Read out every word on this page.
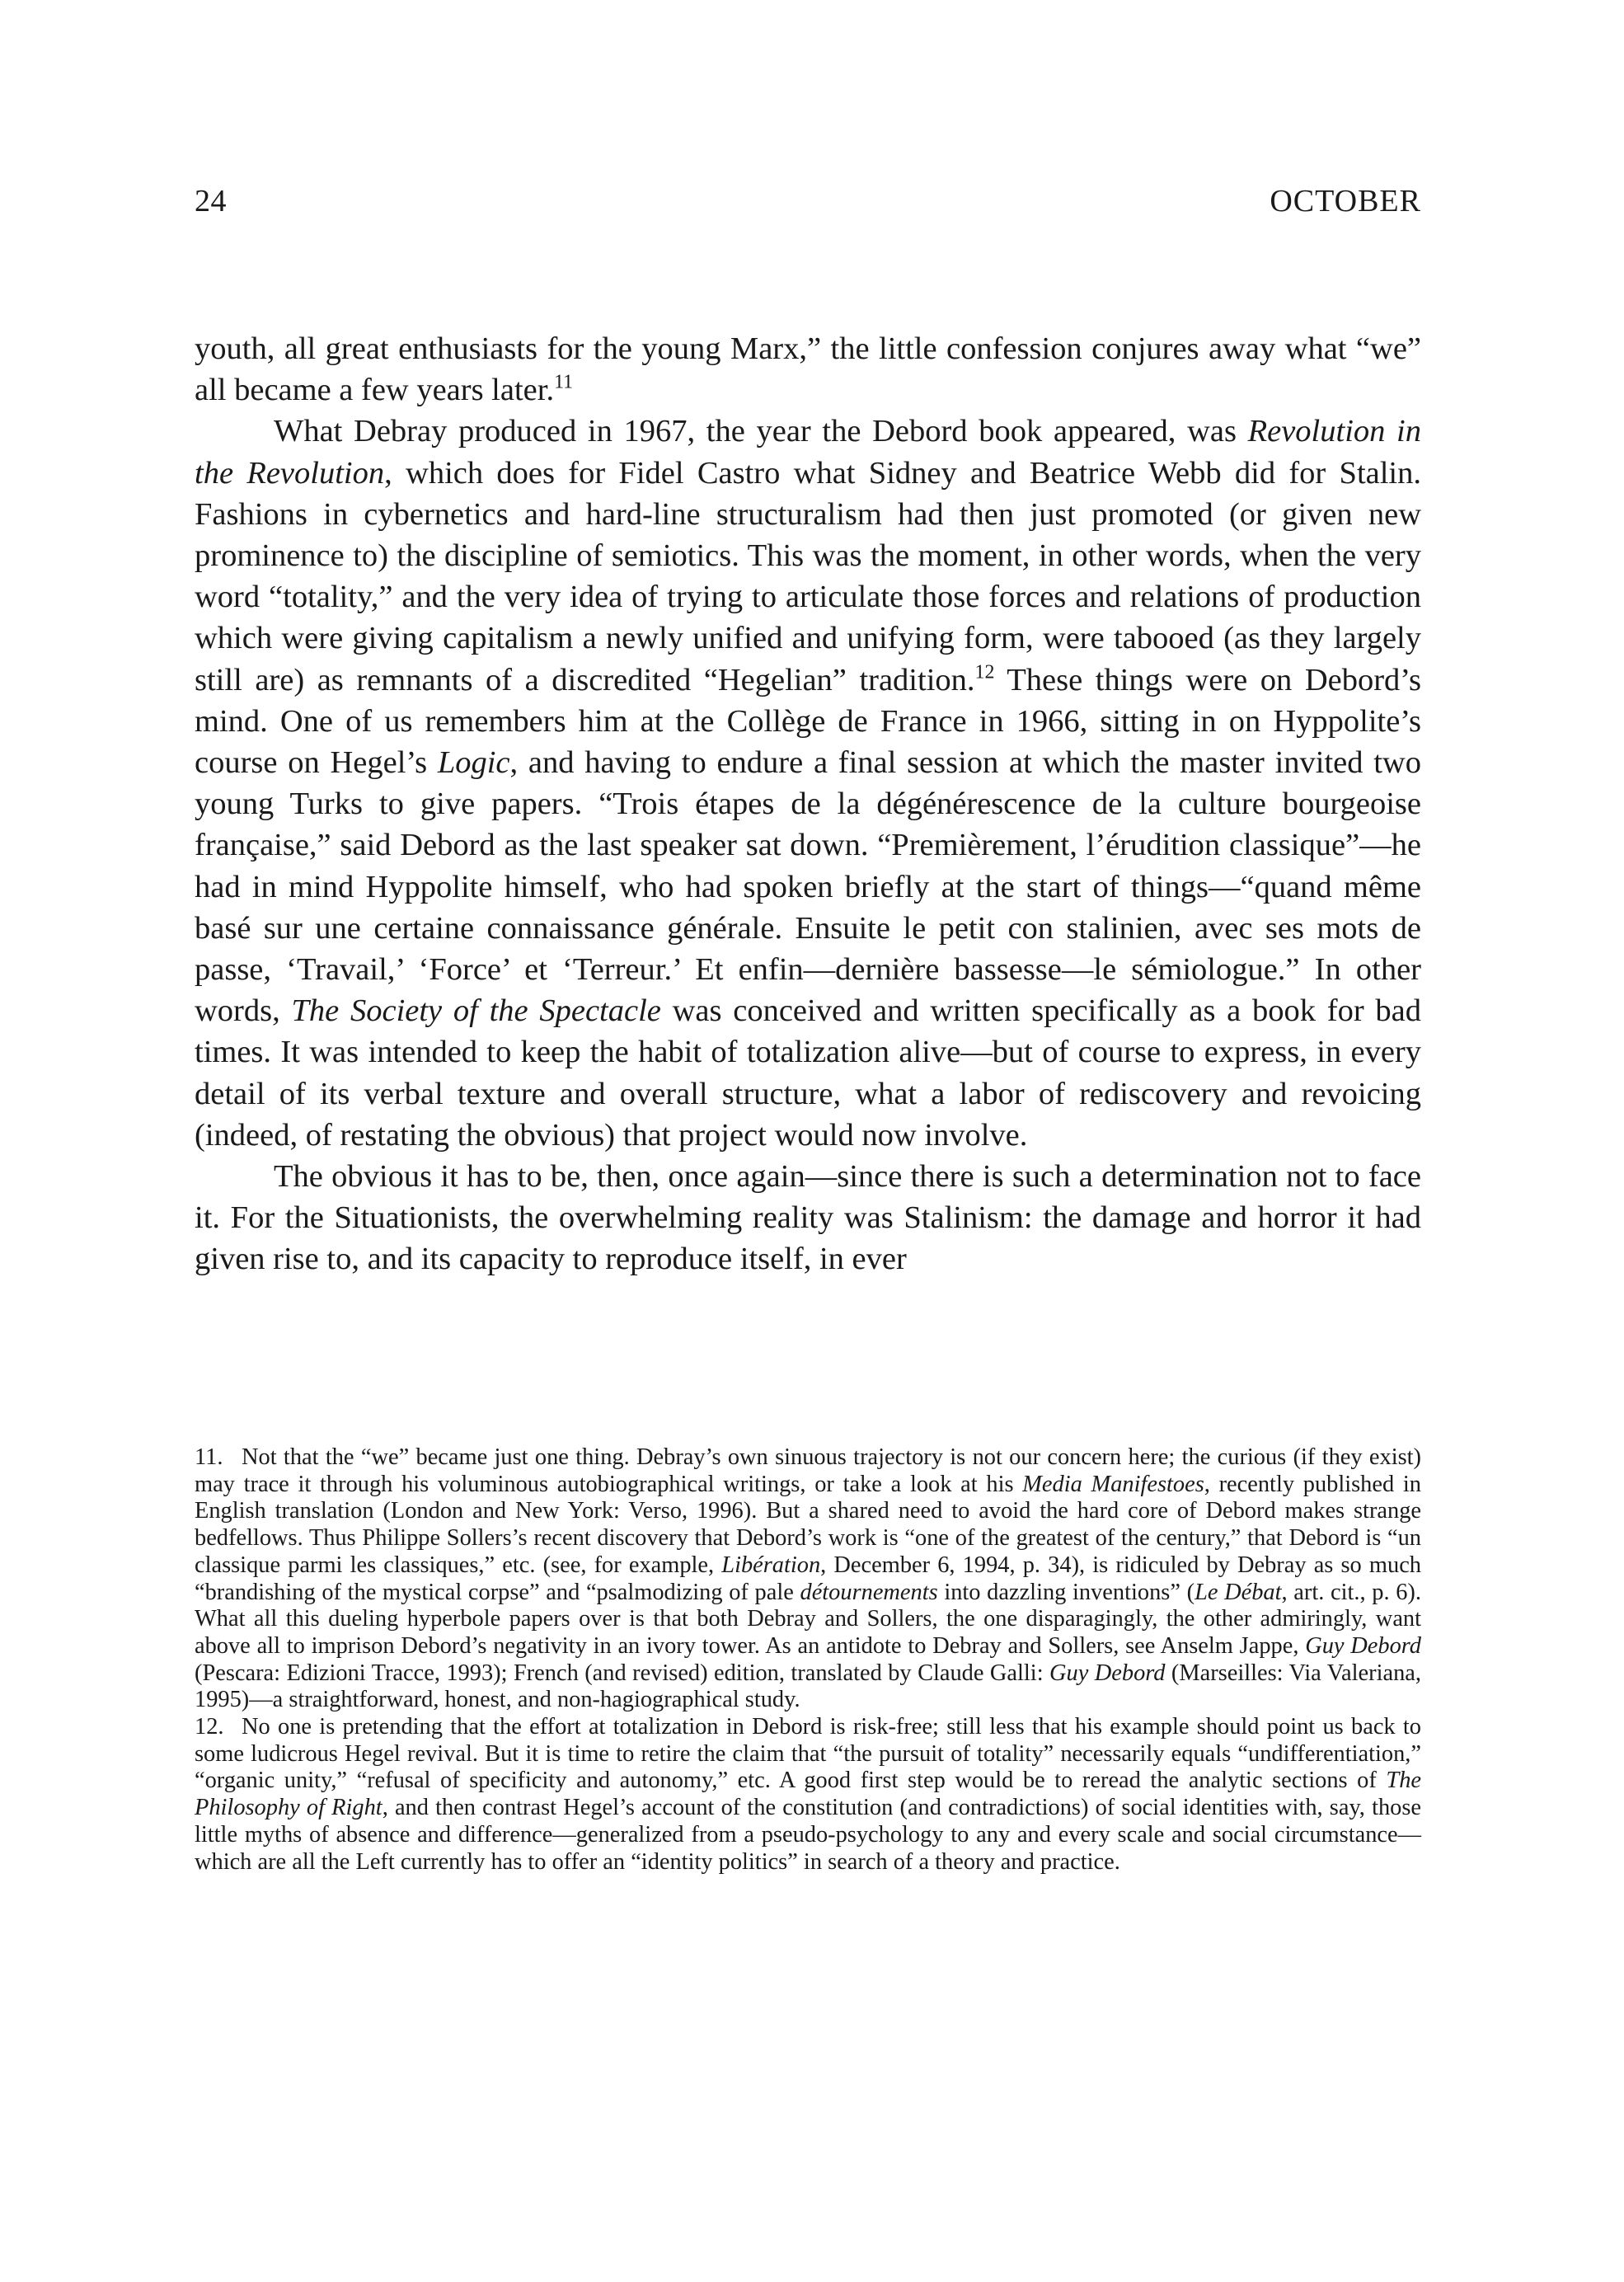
24	OCTOBER

youth, all great enthusiasts for the young Marx,” the little confession conjures away what “we” all became a few years later.$^{11}$

What Debray produced in 1967, the year the Debord book appeared, was Revolution in the Revolution, which does for Fidel Castro what Sidney and Beatrice Webb did for Stalin. Fashions in cybernetics and hard-line structuralism had then just promoted (or given new prominence to) the discipline of semiotics. This was the moment, in other words, when the very word “totality,” and the very idea of trying to articulate those forces and relations of production which were giving capitalism a newly unified and unifying form, were tabooed (as they largely still are) as remnants of a discredited “Hegelian” tradition.$^{12}$ These things were on Debord’s mind. One of us remembers him at the Collège de France in 1966, sitting in on Hyppolite’s course on Hegel’s Logic, and having to endure a final session at which the master invited two young Turks to give papers. “Trois étapes de la dégénérescence de la culture bourgeoise française,” said Debord as the last speaker sat down. “Premièrement, l’érudition classique”—he had in mind Hyppolite himself, who had spoken briefly at the start of things—“quand même basé sur une certaine connaissance générale. Ensuite le petit con stalinien, avec ses mots de passe, ‘Travail,’ ‘Force’ et ‘Terreur.’ Et enfin—dernière bassesse—le sémiologue.” In other words, The Society of the Spectacle was conceived and written specifically as a book for bad times. It was intended to keep the habit of totalization alive—but of course to express, in every detail of its verbal texture and overall structure, what a labor of rediscovery and revoicing (indeed, of restating the obvious) that project would now involve.

The obvious it has to be, then, once again—since there is such a determination not to face it. For the Situationists, the overwhelming reality was Stalinism: the damage and horror it had given rise to, and its capacity to reproduce itself, in ever

11. Not that the “we” became just one thing. Debray’s own sinuous trajectory is not our concern here; the curious (if they exist) may trace it through his voluminous autobiographical writings, or take a look at his Media Manifestoes, recently published in English translation (London and New York: Verso, 1996). But a shared need to avoid the hard core of Debord makes strange bedfellows. Thus Philippe Sollers’s recent discovery that Debord’s work is “one of the greatest of the century,” that Debord is “un classique parmi les classiques,” etc. (see, for example, Libération, December 6, 1994, p. 34), is ridiculed by Debray as so much “brandishing of the mystical corpse” and “psalmodizing of pale détournements into dazzling inventions” (Le Débat, art. cit., p. 6). What all this dueling hyperbole papers over is that both Debray and Sollers, the one disparagingly, the other admiringly, want above all to imprison Debord’s negativity in an ivory tower. As an antidote to Debray and Sollers, see Anselm Jappe, Guy Debord (Pescara: Edizioni Tracce, 1993); French (and revised) edition, translated by Claude Galli: Guy Debord (Marseilles: Via Valeriana, 1995)—a straightforward, honest, and non-hagiographical study.

12. No one is pretending that the effort at totalization in Debord is risk-free; still less that his example should point us back to some ludicrous Hegel revival. But it is time to retire the claim that “the pursuit of totality” necessarily equals “undifferentiation,” “organic unity,” “refusal of specificity and autonomy,” etc. A good first step would be to reread the analytic sections of The Philosophy of Right, and then contrast Hegel’s account of the constitution (and contradictions) of social identities with, say, those little myths of absence and difference—generalized from a pseudo-psychology to any and every scale and social circumstance—which are all the Left currently has to offer an “identity politics” in search of a theory and practice.
